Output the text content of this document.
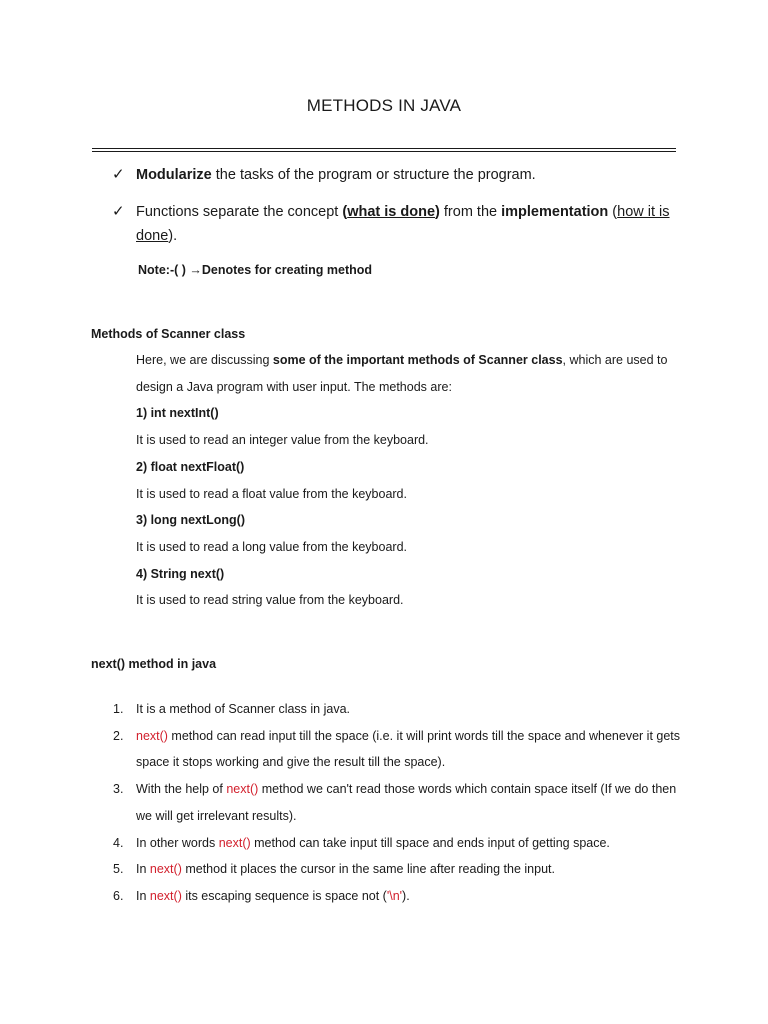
METHODS IN JAVA
✓ Modularize the tasks of the program or structure the program.
✓ Functions separate the concept (what is done) from the implementation (how it is
done).
Note:-( ) →Denotes for creating method
Methods of Scanner class
Here, we are discussing some of the important methods of Scanner class, which are used to
design a Java program with user input. The methods are:
1) int nextInt()
It is used to read an integer value from the keyboard.
2) float nextFloat()
It is used to read a float value from the keyboard.
3) long nextLong()
It is used to read a long value from the keyboard.
4) String next()
It is used to read string value from the keyboard.
next() method in java
1. It is a method of Scanner class in java.
2. next() method can read input till the space (i.e. it will print words till the space and whenever it gets
space it stops working and give the result till the space).
3. With the help of next() method we can't read those words which contain space itself (If we do then
we will get irrelevant results).
4. In other words next() method can take input till space and ends input of getting space.
5. In next() method it places the cursor in the same line after reading the input.
6. In next() its escaping sequence is space not ('\n').
